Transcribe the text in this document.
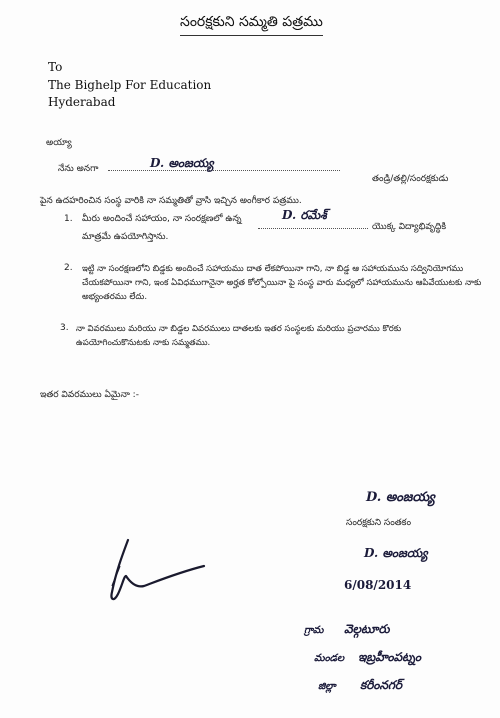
సంరక్షకుని సమ్మతి పత్రము
To
The Bighelp For Education
Hyderabad
అయ్యా
నేను అనగా	D. అంజయ్య
తండ్రి/తల్లి/సంరక్షకుడు
పైన ఉదహరించిన సంస్థ వారికి నా సమ్మతితో వ్రాసి ఇచ్చిన అంగీకార పత్రము.
1. మీరు అందించే సహాయం, నా సంరక్షణలో ఉన్న	D. రమేశ్
యొక్క విద్యాభివృద్ధికి
మాత్రమే ఉపయోగిస్తాను.
2. ఇట్టి నా సంరక్షణలోని బిడ్డకు అందించే సహాయము దాత లేకపోయినా గాని, నా బిడ్డ ఆ సహాయమును సద్వినియోగము చేయకపోయినా గాని, ఇంక ఏవిధముగానైనా అర్హత కోల్పోయినా పై సంస్థ వారు మధ్యలో సహాయమును ఆపివేయుటకు నాకు అభ్యంతరము లేదు.
3. నా వివరములు మరియు నా బిడ్డల వివరములు దాతలకు ఇతర సంస్థలకు మరియు ప్రచారము కొరకు ఉపయోగించుకొనుటకు నాకు సమ్మతము.
ఇతర వివరములు ఏమైనా :-
D. అంజయ్య
సంరక్షకుని సంతకం
D. అంజయ్య
6/08/2014
గ్రామ వెల్గటూరు
మండల ఇబ్రహీంపట్నం
జిల్లా కరీంనగర్
